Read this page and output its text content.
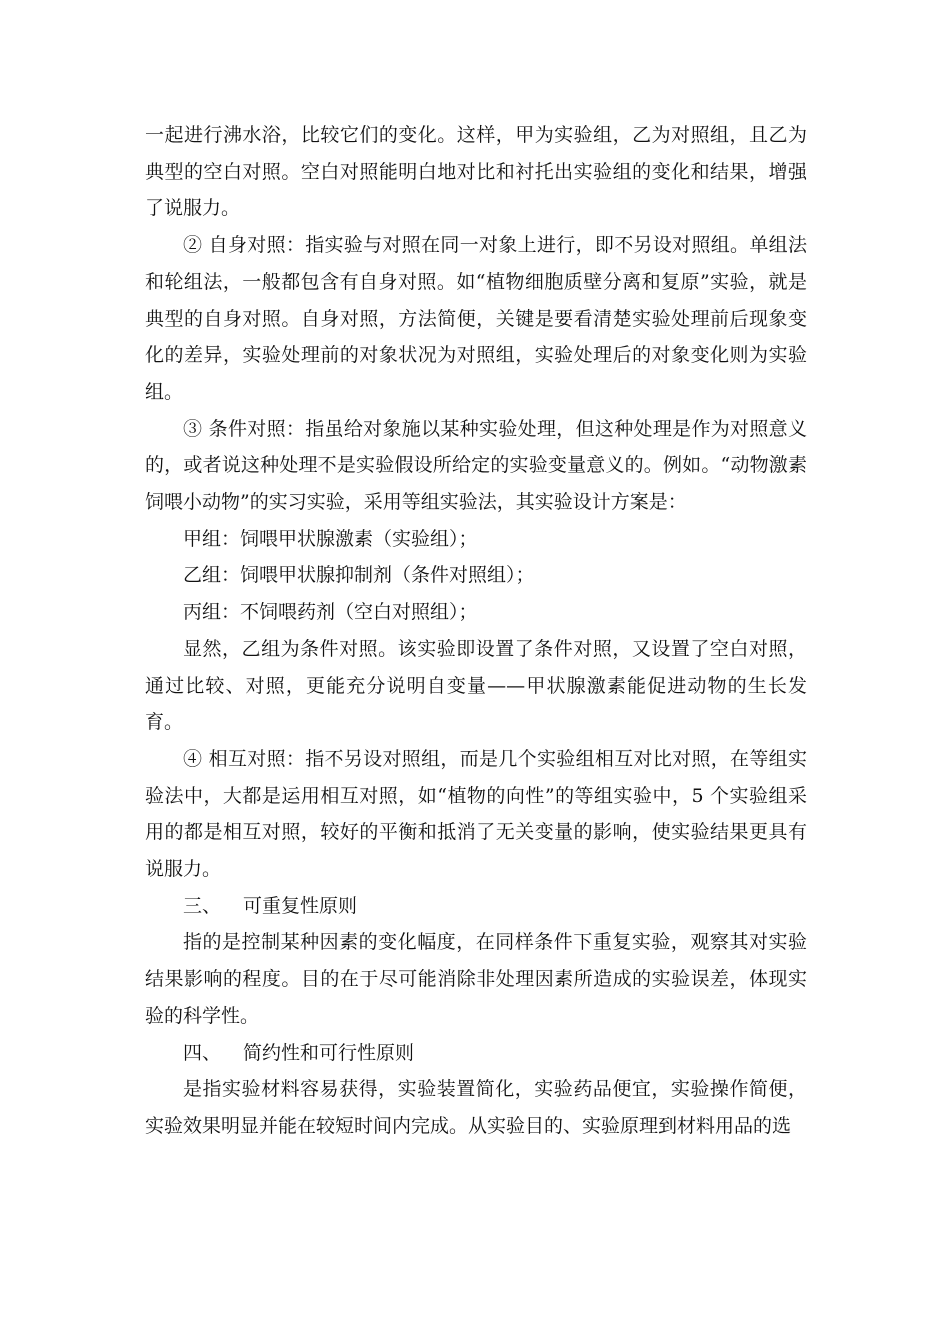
一起进行沸水浴，比较它们的变化。这样，甲为实验组，乙为对照组，且乙为典型的空白对照。空白对照能明白地对比和衬托出实验组的变化和结果，增强了说服力。

② 自身对照：指实验与对照在同一对象上进行，即不另设对照组。单组法和轮组法，一般都包含有自身对照。如“植物细胞质壁分离和复原”实验，就是典型的自身对照。自身对照，方法简便，关键是要看清楚实验处理前后现象变化的差异，实验处理前的对象状况为对照组，实验处理后的对象变化则为实验组。

③ 条件对照：指虽给对象施以某种实验处理，但这种处理是作为对照意义的，或者说这种处理不是实验假设所给定的实验变量意义的。例如。“动物激素饲喂小动物”的实习实验，采用等组实验法，其实验设计方案是：

甲组：饲喂甲状腺激素（实验组）；

乙组：饲喂甲状腺抑制剂（条件对照组）；

丙组：不饲喂药剂（空白对照组）；

显然，乙组为条件对照。该实验即设置了条件对照，又设置了空白对照，通过比较、对照，更能充分说明自变量——甲状腺激素能促进动物的生长发育。

④ 相互对照：指不另设对照组，而是几个实验组相互对比对照，在等组实验法中，大都是运用相互对照，如“植物的向性”的等组实验中，5 个实验组采用的都是相互对照，较好的平衡和抵消了无关变量的影响，使实验结果更具有说服力。

三、 可重复性原则

指的是控制某种因素的变化幅度，在同样条件下重复实验，观察其对实验结果影响的程度。目的在于尽可能消除非处理因素所造成的实验误差，体现实验的科学性。

四、 简约性和可行性原则

是指实验材料容易获得，实验装置简化，实验药品便宜，实验操作简便，实验效果明显并能在较短时间内完成。从实验目的、实验原理到材料用品的选
